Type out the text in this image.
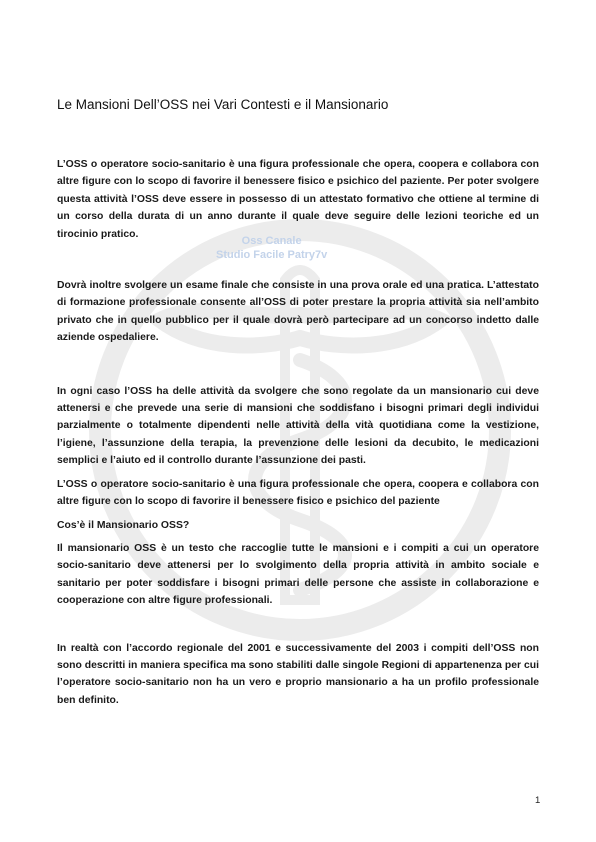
Oss Canale
Studio Facile Patry7v
Le Mansioni Dell’OSS nei Vari Contesti e il Mansionario

L’OSS o operatore socio-sanitario è una figura professionale che opera, coopera e collabora con altre figure con lo scopo di favorire il benessere fisico e psichico del paziente. Per poter svolgere questa attività l’OSS deve essere in possesso di un attestato formativo che ottiene al termine di un corso della durata di un anno durante il quale deve seguire delle lezioni teoriche ed un tirocinio pratico.

Dovrà inoltre svolgere un esame finale che consiste in una prova orale ed una pratica. L’attestato di formazione professionale consente all’OSS di poter prestare la propria attività sia nell’ambito privato che in quello pubblico per il quale dovrà però partecipare ad un concorso indetto dalle aziende ospedaliere.

In ogni caso l’OSS ha delle attività da svolgere che sono regolate da un mansionario cui deve attenersi e che prevede una serie di mansioni che soddisfano i bisogni primari degli individui parzialmente o totalmente dipendenti nelle attività della vità quotidiana come la vestizione, l’igiene, l’assunzione della terapia, la prevenzione delle lesioni da decubito, le medicazioni semplici e l’aiuto ed il controllo durante l’assunzione dei pasti.

L’OSS o operatore socio-sanitario è una figura professionale che opera, coopera e collabora con altre figure con lo scopo di favorire il benessere fisico e psichico del paziente

Cos’è il Mansionario OSS?

Il mansionario OSS è un testo che raccoglie tutte le mansioni e i compiti a cui un operatore socio-sanitario deve attenersi per lo svolgimento della propria attività in ambito sociale e sanitario per poter soddisfare i bisogni primari delle persone che assiste in collaborazione e cooperazione con altre figure professionali.

In realtà con l’accordo regionale del 2001 e successivamente del 2003 i compiti dell’OSS non sono descritti in maniera specifica ma sono stabiliti dalle singole Regioni di appartenenza per cui l’operatore socio-sanitario non ha un vero e proprio mansionario a ha un profilo professionale ben definito.

1
